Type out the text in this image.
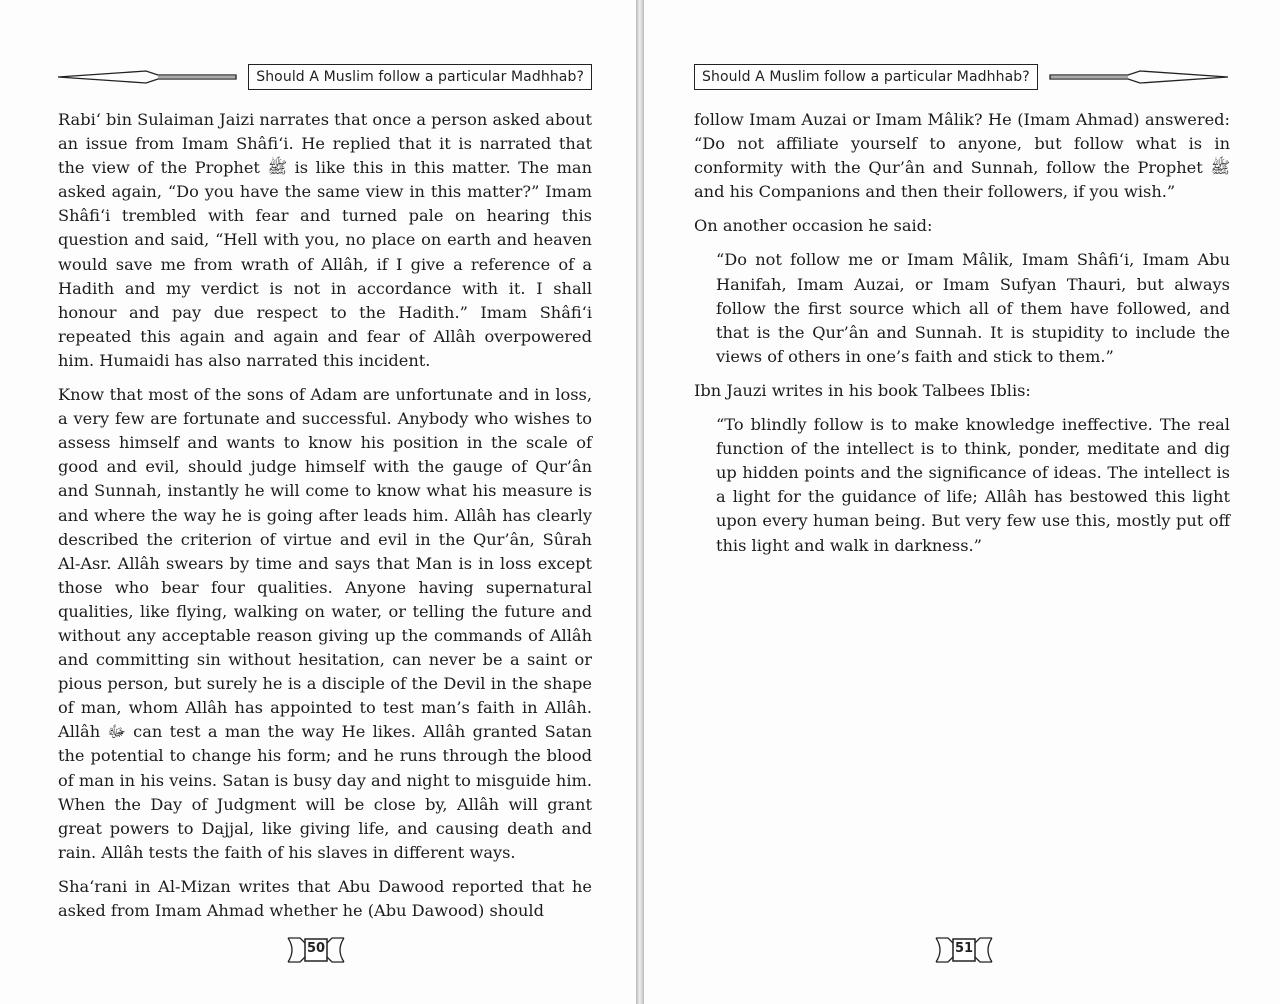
Should A Muslim follow a particular Madhhab?

Rabi‘ bin Sulaiman Jaizi narrates that once a person asked about an issue from Imam Shâfi‘i. He replied that it is narrated that the view of the Prophet ﷺ is like this in this matter. The man asked again, “Do you have the same view in this matter?” Imam Shâfi‘i trembled with fear and turned pale on hearing this question and said, “Hell with you, no place on earth and heaven would save me from wrath of Allâh, if I give a reference of a Hadith and my verdict is not in accordance with it. I shall honour and pay due respect to the Hadith.” Imam Shâfi‘i repeated this again and again and fear of Allâh overpowered him. Humaidi has also narrated this incident.

Know that most of the sons of Adam are unfortunate and in loss, a very few are fortunate and successful. Anybody who wishes to assess himself and wants to know his position in the scale of good and evil, should judge himself with the gauge of Qur’ân and Sunnah, instantly he will come to know what his measure is and where the way he is going after leads him. Allâh has clearly described the criterion of virtue and evil in the Qur’ân, Sûrah Al-Asr. Allâh swears by time and says that Man is in loss except those who bear four qualities. Anyone having supernatural qualities, like flying, walking on water, or telling the future and without any acceptable reason giving up the commands of Allâh and committing sin without hesitation, can never be a saint or pious person, but surely he is a disciple of the Devil in the shape of man, whom Allâh has appointed to test man’s faith in Allâh. Allâh ﷻ can test a man the way He likes. Allâh granted Satan the potential to change his form; and he runs through the blood of man in his veins. Satan is busy day and night to misguide him. When the Day of Judgment will be close by, Allâh will grant great powers to Dajjal, like giving life, and causing death and rain. Allâh tests the faith of his slaves in different ways.

Sha‘rani in Al-Mizan writes that Abu Dawood reported that he asked from Imam Ahmad whether he (Abu Dawood) should

50
Should A Muslim follow a particular Madhhab?

follow Imam Auzai or Imam Mâlik? He (Imam Ahmad) answered: “Do not affiliate yourself to anyone, but follow what is in conformity with the Qur’ân and Sunnah, follow the Prophet ﷺ and his Companions and then their followers, if you wish.”

On another occasion he said:

“Do not follow me or Imam Mâlik, Imam Shâfi‘i, Imam Abu Hanifah, Imam Auzai, or Imam Sufyan Thauri, but always follow the first source which all of them have followed, and that is the Qur’ân and Sunnah. It is stupidity to include the views of others in one’s faith and stick to them.”

Ibn Jauzi writes in his book Talbees Iblis:

“To blindly follow is to make knowledge ineffective. The real function of the intellect is to think, ponder, meditate and dig up hidden points and the significance of ideas. The intellect is a light for the guidance of life; Allâh has bestowed this light upon every human being. But very few use this, mostly put off this light and walk in darkness.”

51
